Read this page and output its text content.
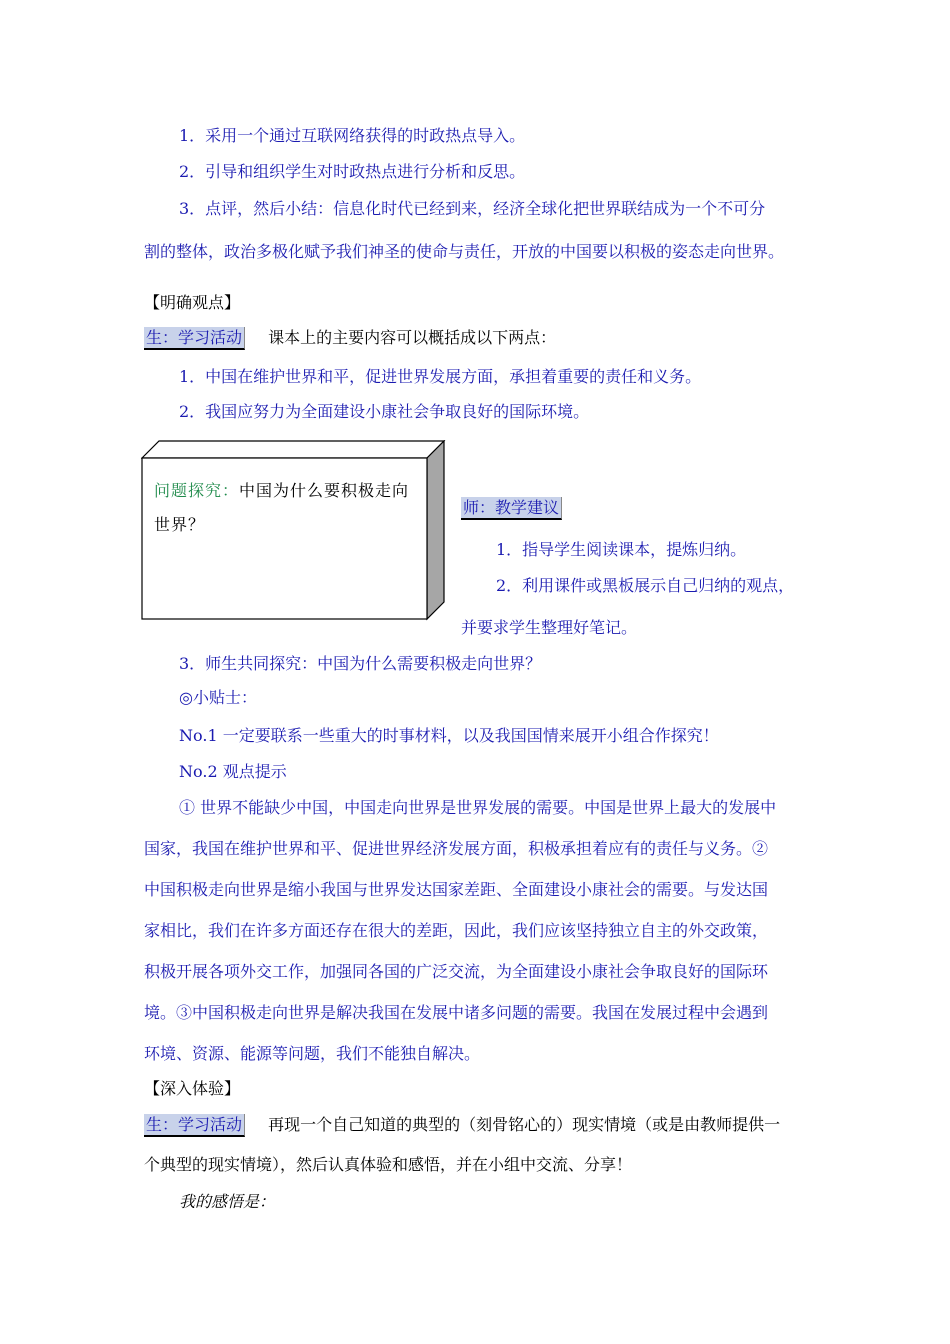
1．采用一个通过互联网络获得的时政热点导入。
2．引导和组织学生对时政热点进行分析和反思。
3．点评，然后小结：信息化时代已经到来，经济全球化把世界联结成为一个不可分
割的整体，政治多极化赋予我们神圣的使命与责任，开放的中国要以积极的姿态走向世界。
【明确观点】
生：学习活动 课本上的主要内容可以概括成以下两点：
1．中国在维护世界和平，促进世界发展方面，承担着重要的责任和义务。
2．我国应努力为全面建设小康社会争取良好的国际环境。
问题探究：中国为什么要积极走向世界？
师：教学建议
1．指导学生阅读课本，提炼归纳。
2．利用课件或黑板展示自己归纳的观点，
并要求学生整理好笔记。
3．师生共同探究：中国为什么需要积极走向世界？
◎小贴士：
No.1 一定要联系一些重大的时事材料，以及我国国情来展开小组合作探究！
No.2 观点提示
① 世界不能缺少中国，中国走向世界是世界发展的需要。中国是世界上最大的发展中
国家，我国在维护世界和平、促进世界经济发展方面，积极承担着应有的责任与义务。②
中国积极走向世界是缩小我国与世界发达国家差距、全面建设小康社会的需要。与发达国
家相比，我们在许多方面还存在很大的差距，因此，我们应该坚持独立自主的外交政策，
积极开展各项外交工作，加强同各国的广泛交流，为全面建设小康社会争取良好的国际环
境。③中国积极走向世界是解决我国在发展中诸多问题的需要。我国在发展过程中会遇到
环境、资源、能源等问题，我们不能独自解决。
【深入体验】
生：学习活动 再现一个自己知道的典型的（刻骨铭心的）现实情境（或是由教师提供一
个典型的现实情境），然后认真体验和感悟，并在小组中交流、分享！
我的感悟是：
